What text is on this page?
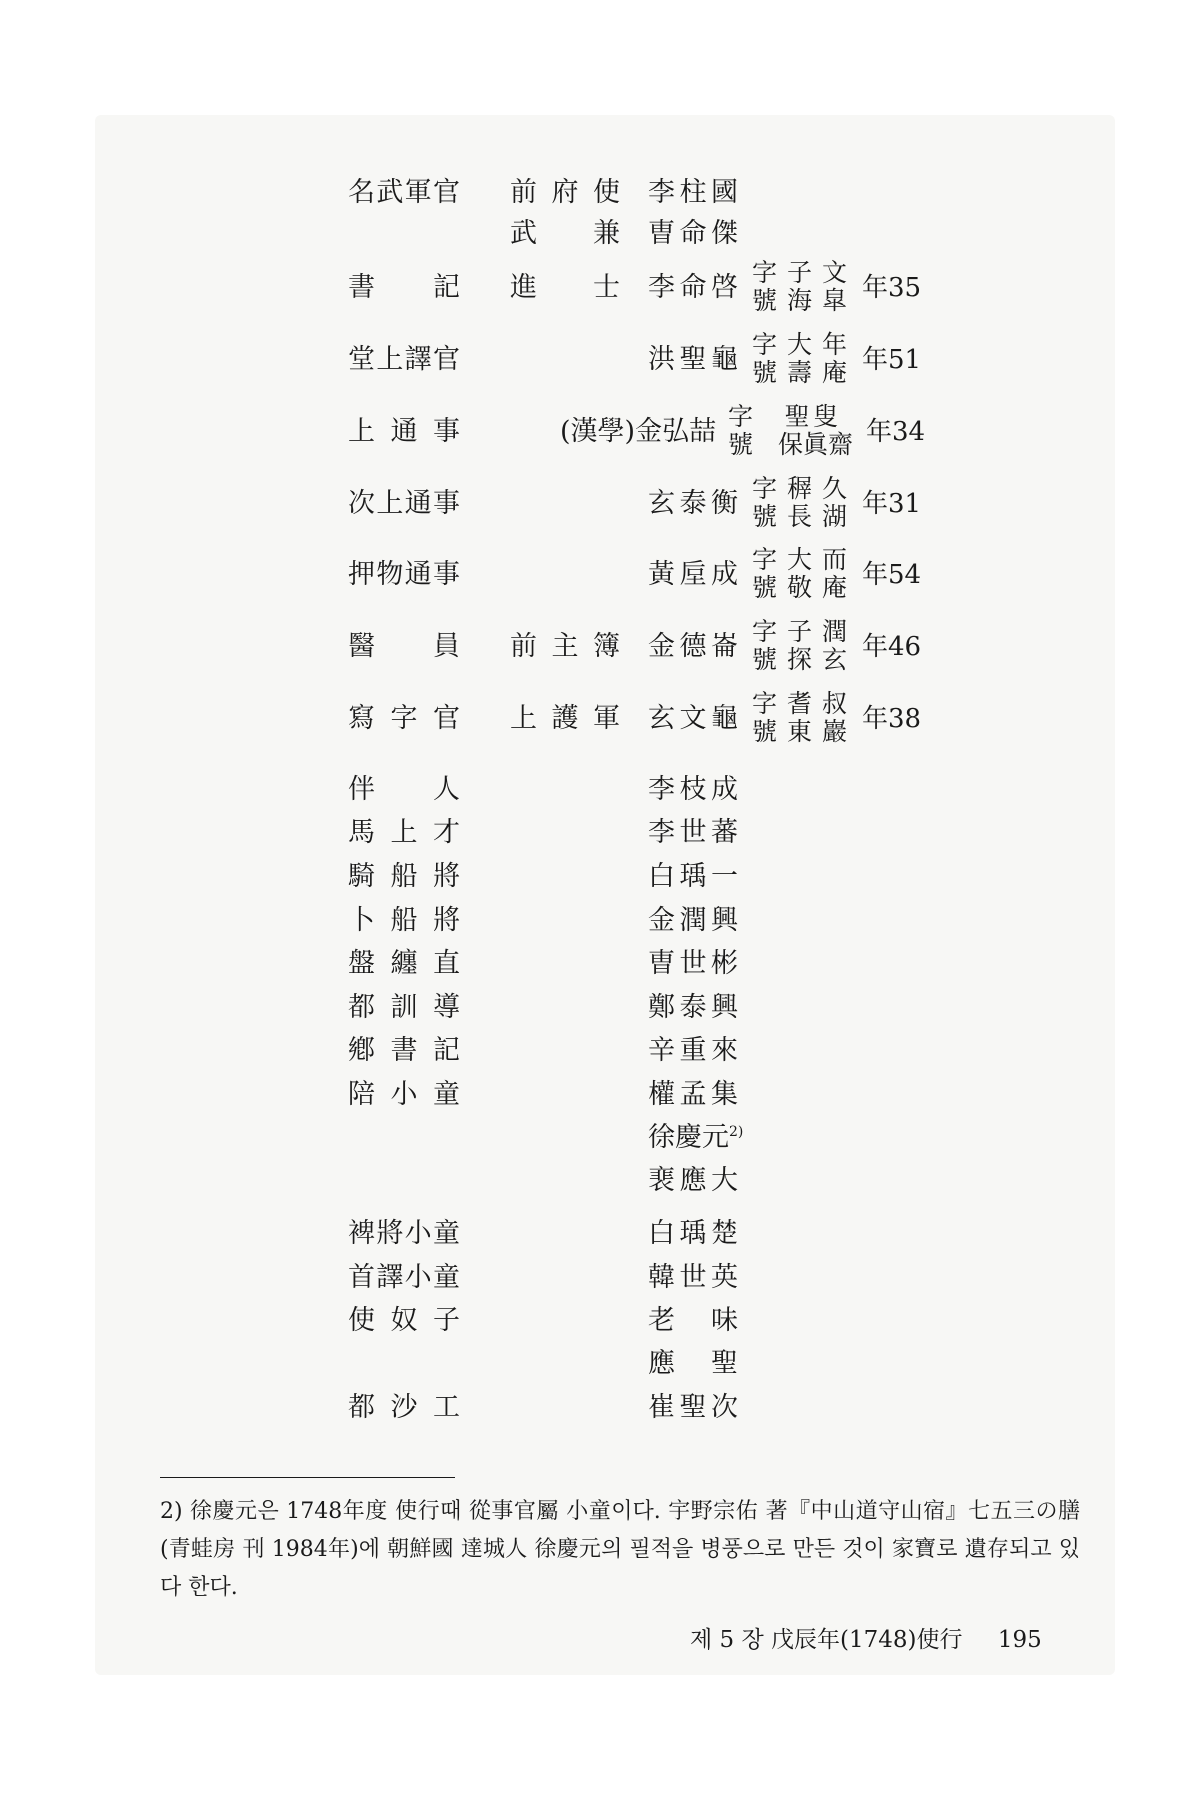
名武軍官 前府使 李柱國
武　兼 曺命傑
書　記 進　士 李命啓 字子文
號海皐 年35
堂上譯官	洪聖龜 字大年
號壽庵 年51
上通事	(漢學)金弘喆 字　聖叟
號　保眞齋 年34
次上通事	玄泰衡 字稺久
號長湖 年31
押物通事	黃垕成 字大而
號敬庵 年54
醫　員 前主簿 金德崙 字子潤
號探玄 年46
寫字官 上護軍 玄文龜 字耆叔
號東巖 年38
伴　人	李枝成
馬上才	李世蕃
騎船將	白瑀一
卜船將	金潤興
盤纏直	曺世彬
都訓導	鄭泰興
鄕書記	辛重來
陪小童	權孟集
徐慶元$^{2)}$
裵應大
裨將小童	白瑀楚
首譯小童	韓世英
使奴子	老　味
應　聖
都沙工	崔聖次
2) 徐慶元은 1748年度 使行때 從事官屬 小童이다. 宇野宗佑 著『中山道守山宿』七五三の膳(青蛙房 刊 1984年)에 朝鮮國 達城人 徐慶元의 필적을 병풍으로 만든 것이 家寶로 遺存되고 있다 한다.
제 5 장 戊辰年(1748)使行 195
